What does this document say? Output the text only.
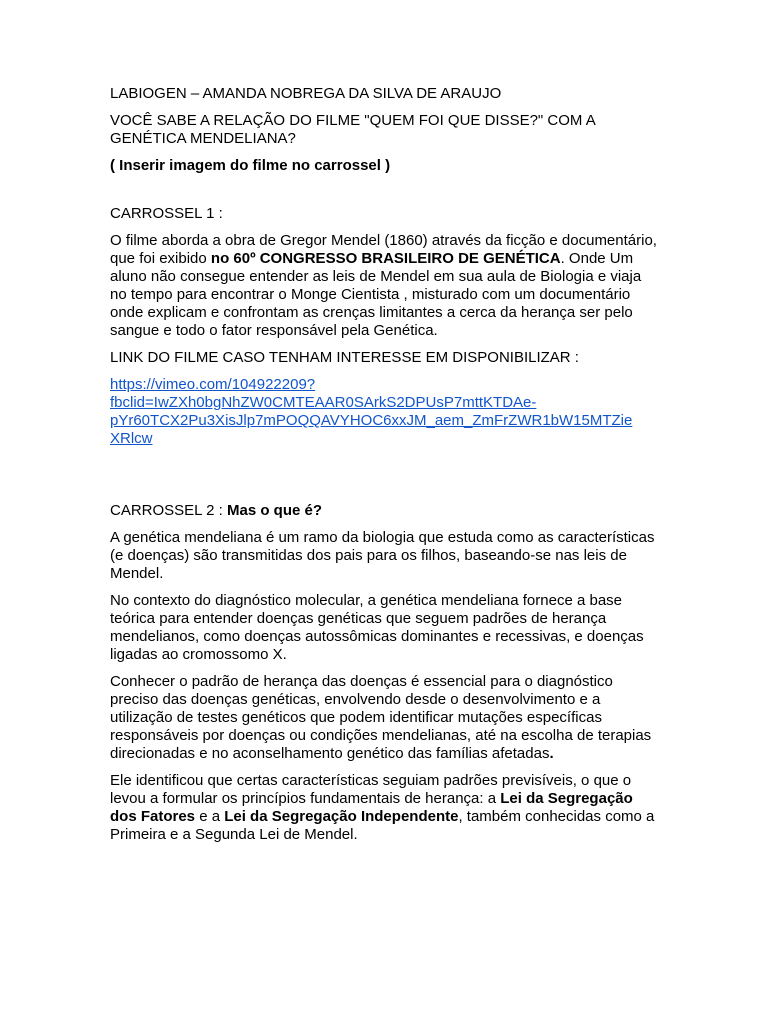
LABIOGEN – AMANDA NOBREGA DA SILVA DE ARAUJO

VOCÊ SABE A RELAÇÃO DO FILME "QUEM FOI QUE DISSE?" COM A GENÉTICA MENDELIANA?

( Inserir imagem do filme no carrossel )

CARROSSEL 1 :

O filme aborda a obra de Gregor Mendel (1860) através da ficção e documentário, que foi exibido no 60º CONGRESSO BRASILEIRO DE GENÉTICA. Onde Um aluno não consegue entender as leis de Mendel em sua aula de Biologia e viaja no tempo para encontrar o Monge Cientista , misturado com um documentário onde explicam e confrontam as crenças limitantes a cerca da herança ser pelo sangue e todo o fator responsável pela Genética.

LINK DO FILME CASO TENHAM INTERESSE EM DISPONIBILIZAR :

https://vimeo.com/104922209?
fbclid=IwZXh0bgNhZW0CMTEAAR0SArkS2DPUsP7mttKTDAe-
pYr60TCX2Pu3XisJlp7mPOQQAVYHOC6xxJM_aem_ZmFrZWR1bW15MTZie
XRlcw

CARROSSEL 2 : Mas o que é?

A genética mendeliana é um ramo da biologia que estuda como as características (e doenças) são transmitidas dos pais para os filhos, baseando-se nas leis de Mendel.

No contexto do diagnóstico molecular, a genética mendeliana fornece a base teórica para entender doenças genéticas que seguem padrões de herança mendelianos, como doenças autossômicas dominantes e recessivas, e doenças ligadas ao cromossomo X.

Conhecer o padrão de herança das doenças é essencial para o diagnóstico preciso das doenças genéticas, envolvendo desde o desenvolvimento e a utilização de testes genéticos que podem identificar mutações específicas responsáveis por doenças ou condições mendelianas, até na escolha de terapias direcionadas e no aconselhamento genético das famílias afetadas.

Ele identificou que certas características seguiam padrões previsíveis, o que o levou a formular os princípios fundamentais de herança: a Lei da Segregação dos Fatores e a Lei da Segregação Independente, também conhecidas como a Primeira e a Segunda Lei de Mendel.
